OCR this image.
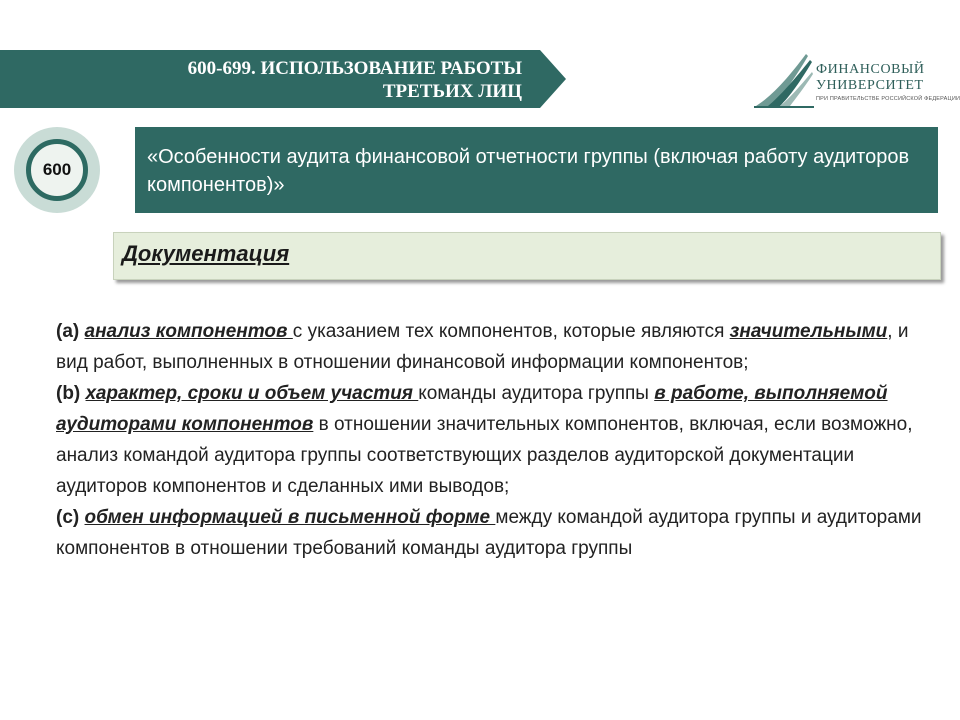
600-699. ИСПОЛЬЗОВАНИЕ РАБОТЫ
ТРЕТЬИХ ЛИЦ
ФИНАНСОВЫЙ
УНИВЕРСИТЕТ
ПРИ ПРАВИТЕЛЬСТВЕ РОССИЙСКОЙ ФЕДЕРАЦИИ
600
«Особенности аудита финансовой отчетности группы (включая работу аудиторов компонентов)»
Документация

(a) анализ компонентов с указанием тех компонентов, которые являются значительными, и вид работ, выполненных в отношении финансовой информации компонентов;

(b) характер, сроки и объем участия команды аудитора группы в работе, выполняемой аудиторами компонентов в отношении значительных компонентов, включая, если возможно, анализ командой аудитора группы соответствующих разделов аудиторской документации аудиторов компонентов и сделанных ими выводов;

(c) обмен информацией в письменной форме между командой аудитора группы и аудиторами компонентов в отношении требований команды аудитора группы
